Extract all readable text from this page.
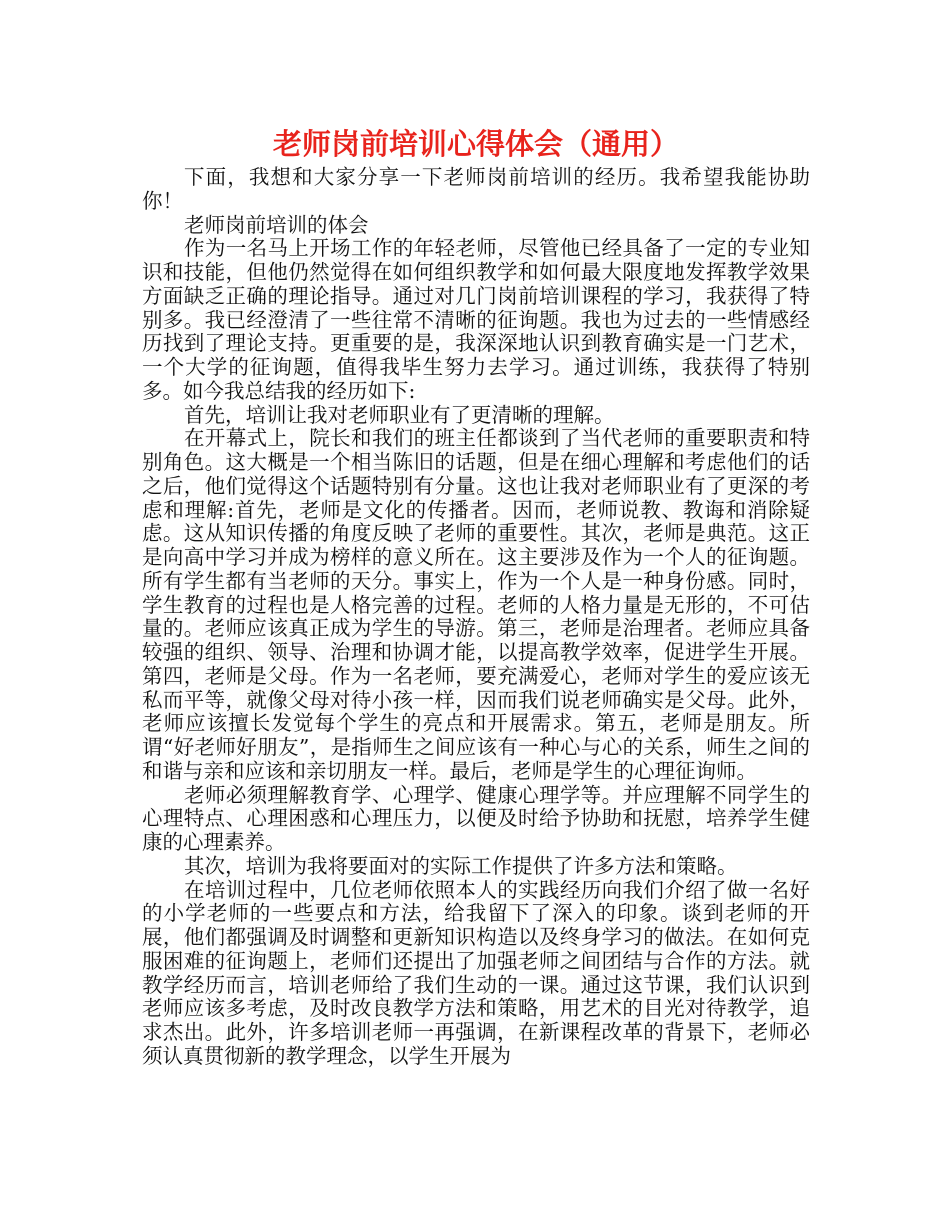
老师岗前培训心得体会（通用）

下面，我想和大家分享一下老师岗前培训的经历。我希望我能协助你！

老师岗前培训的体会

作为一名马上开场工作的年轻老师，尽管他已经具备了一定的专业知识和技能，但他仍然觉得在如何组织教学和如何最大限度地发挥教学效果方面缺乏正确的理论指导。通过对几门岗前培训课程的学习，我获得了特别多。我已经澄清了一些往常不清晰的征询题。我也为过去的一些情感经历找到了理论支持。更重要的是，我深深地认识到教育确实是一门艺术，一个大学的征询题，值得我毕生努力去学习。通过训练，我获得了特别多。如今我总结我的经历如下:

首先，培训让我对老师职业有了更清晰的理解。

在开幕式上，院长和我们的班主任都谈到了当代老师的重要职责和特别角色。这大概是一个相当陈旧的话题，但是在细心理解和考虑他们的话之后，他们觉得这个话题特别有分量。这也让我对老师职业有了更深的考虑和理解:首先，老师是文化的传播者。因而，老师说教、教诲和消除疑虑。这从知识传播的角度反映了老师的重要性。其次，老师是典范。这正是向高中学习并成为榜样的意义所在。这主要涉及作为一个人的征询题。所有学生都有当老师的天分。事实上，作为一个人是一种身份感。同时，学生教育的过程也是人格完善的过程。老师的人格力量是无形的，不可估量的。老师应该真正成为学生的导游。第三，老师是治理者。老师应具备较强的组织、领导、治理和协调才能，以提高教学效率，促进学生开展。第四，老师是父母。作为一名老师，要充满爱心，老师对学生的爱应该无私而平等，就像父母对待小孩一样，因而我们说老师确实是父母。此外，老师应该擅长发觉每个学生的亮点和开展需求。第五，老师是朋友。所谓“好老师好朋友”，是指师生之间应该有一种心与心的关系，师生之间的和谐与亲和应该和亲切朋友一样。最后，老师是学生的心理征询师。

老师必须理解教育学、心理学、健康心理学等。并应理解不同学生的心理特点、心理困惑和心理压力，以便及时给予协助和抚慰，培养学生健康的心理素养。

其次，培训为我将要面对的实际工作提供了许多方法和策略。

在培训过程中，几位老师依照本人的实践经历向我们介绍了做一名好的小学老师的一些要点和方法，给我留下了深入的印象。谈到老师的开展，他们都强调及时调整和更新知识构造以及终身学习的做法。在如何克服困难的征询题上，老师们还提出了加强老师之间团结与合作的方法。就教学经历而言，培训老师给了我们生动的一课。通过这节课，我们认识到老师应该多考虑，及时改良教学方法和策略，用艺术的目光对待教学，追求杰出。此外，许多培训老师一再强调，在新课程改革的背景下，老师必须认真贯彻新的教学理念，以学生开展为
